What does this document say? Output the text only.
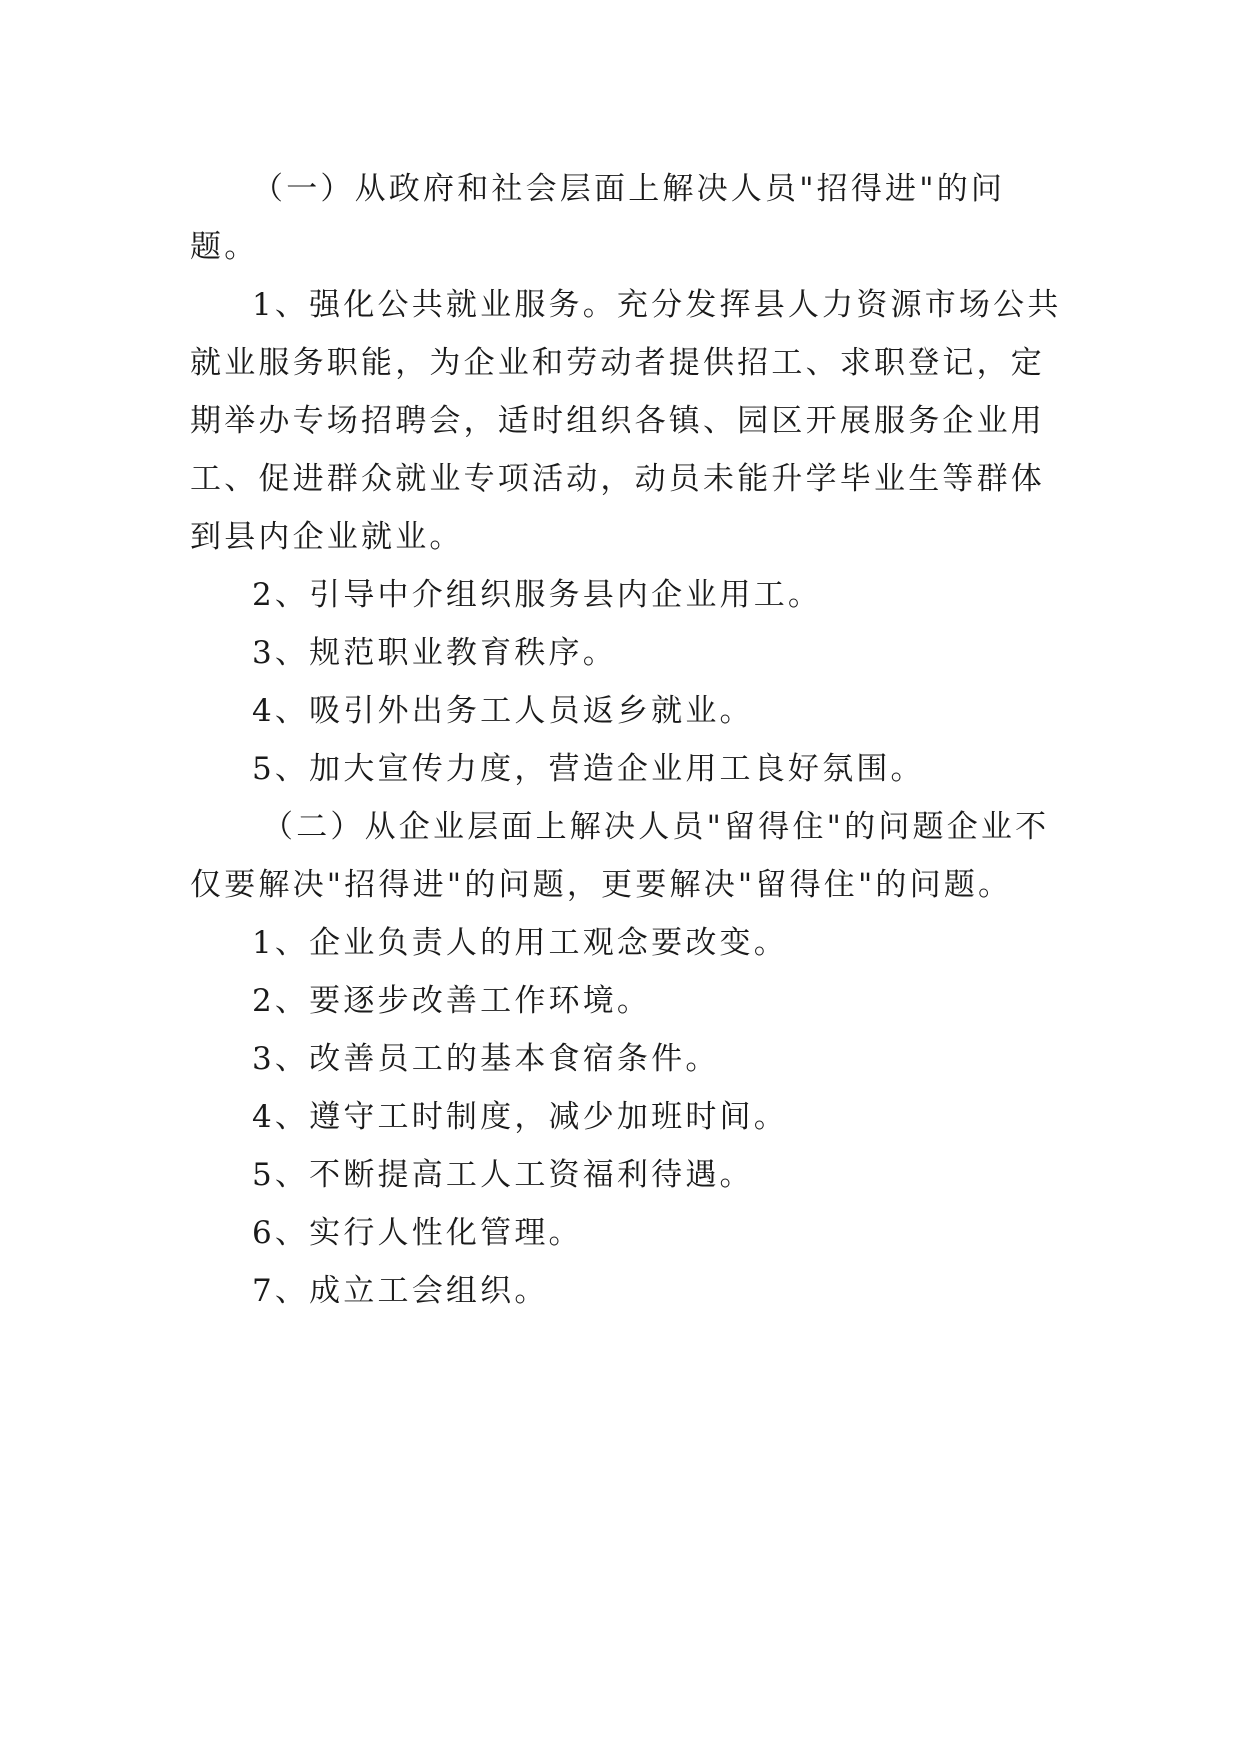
（一）从政府和社会层面上解决人员"招得进"的问题。

1、强化公共就业服务。充分发挥县人力资源市场公共就业服务职能，为企业和劳动者提供招工、求职登记，定期举办专场招聘会，适时组织各镇、园区开展服务企业用工、促进群众就业专项活动，动员未能升学毕业生等群体到县内企业就业。

2、引导中介组织服务县内企业用工。

3、规范职业教育秩序。

4、吸引外出务工人员返乡就业。

5、加大宣传力度，营造企业用工良好氛围。

（二）从企业层面上解决人员"留得住"的问题企业不仅要解决"招得进"的问题，更要解决"留得住"的问题。

1、企业负责人的用工观念要改变。

2、要逐步改善工作环境。

3、改善员工的基本食宿条件。

4、遵守工时制度，减少加班时间。

5、不断提高工人工资福利待遇。

6、实行人性化管理。

7、成立工会组织。
